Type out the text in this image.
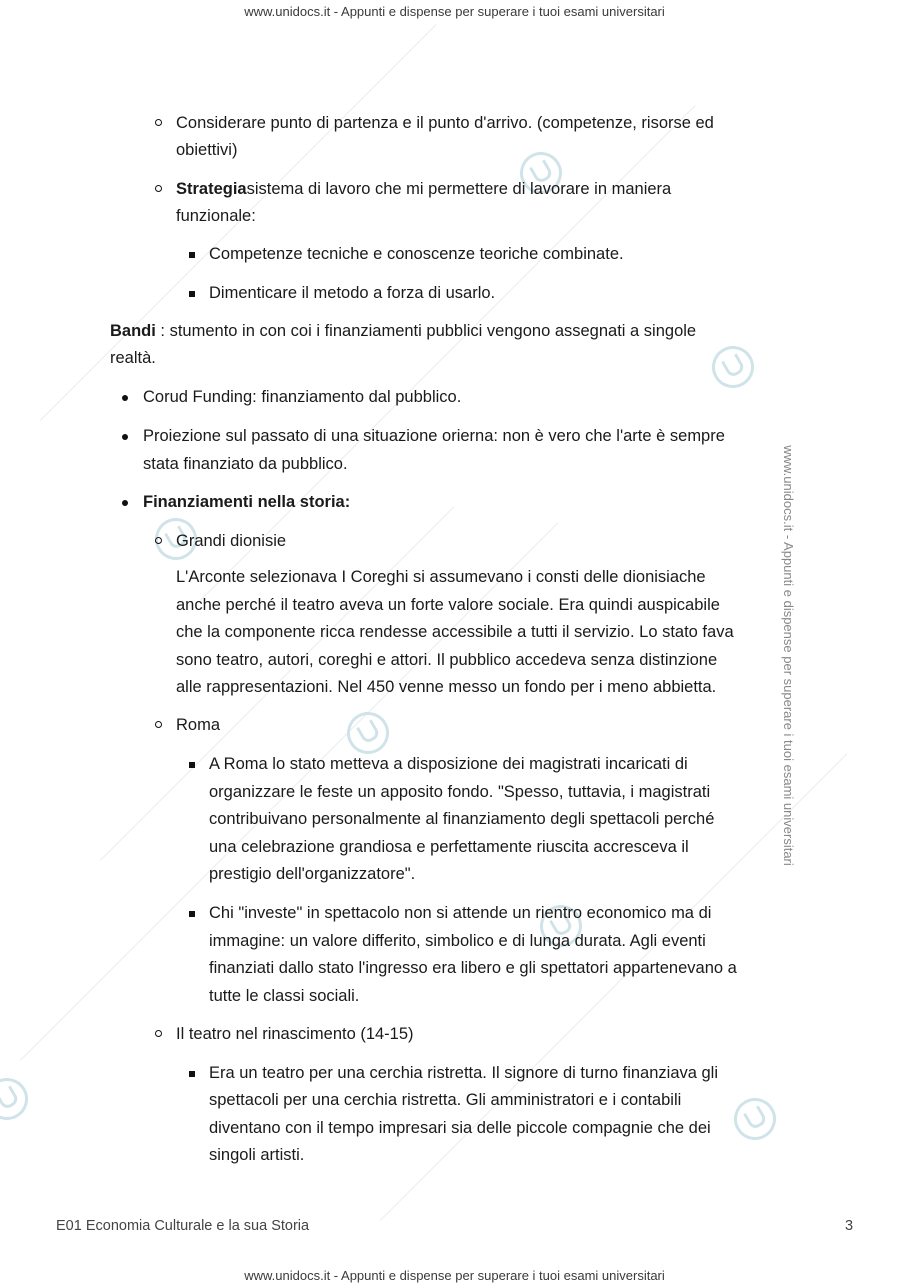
www.unidocs.it - Appunti e dispense per superare i tuoi esami universitari
www.unidocs.it - Appunti e dispense per superare i tuoi esami universitari
www.unidocs.it - Appunti e dispense per superare i tuoi esami universitari
Considerare punto di partenza e il punto d'arrivo. (competenze, risorse ed
obiettivi)
Strategiasistema di lavoro che mi permettere di lavorare in maniera
funzionale:
Competenze tecniche e conoscenze teoriche combinate.
Dimenticare il metodo a forza di usarlo.
Bandi : stumento in con coi i finanziamenti pubblici vengono assegnati a singole
realtà.
Corud Funding: finanziamento dal pubblico.
Proiezione sul passato di una situazione orierna: non è vero che l'arte è sempre
stata finanziato da pubblico.
Finanziamenti nella storia:
Grandi dionisie
L'Arconte selezionava I Coreghi si assumevano i consti delle dionisiache
anche perché il teatro aveva un forte valore sociale. Era quindi auspicabile
che la componente ricca rendesse accessibile a tutti il servizio. Lo stato fava
sono teatro, autori, coreghi e attori. Il pubblico accedeva senza distinzione
alle rappresentazioni. Nel 450 venne messo un fondo per i meno abbietta.
Roma
A Roma lo stato metteva a disposizione dei magistrati incaricati di
organizzare le feste un apposito fondo. "Spesso, tuttavia, i magistrati
contribuivano personalmente al finanziamento degli spettacoli perché
una celebrazione grandiosa e perfettamente riuscita accresceva il
prestigio dell'organizzatore".
Chi "investe" in spettacolo non si attende un rientro economico ma di
immagine: un valore differito, simbolico e di lunga durata. Agli eventi
finanziati dallo stato l'ingresso era libero e gli spettatori appartenevano a
tutte le classi sociali.
Il teatro nel rinascimento (14-15)
Era un teatro per una cerchia ristretta. Il signore di turno finanziava gli
spettacoli per una cerchia ristretta. Gli amministratori e i contabili
diventano con il tempo impresari sia delle piccole compagnie che dei
singoli artisti.
E01 Economia Culturale e la sua Storia	3
